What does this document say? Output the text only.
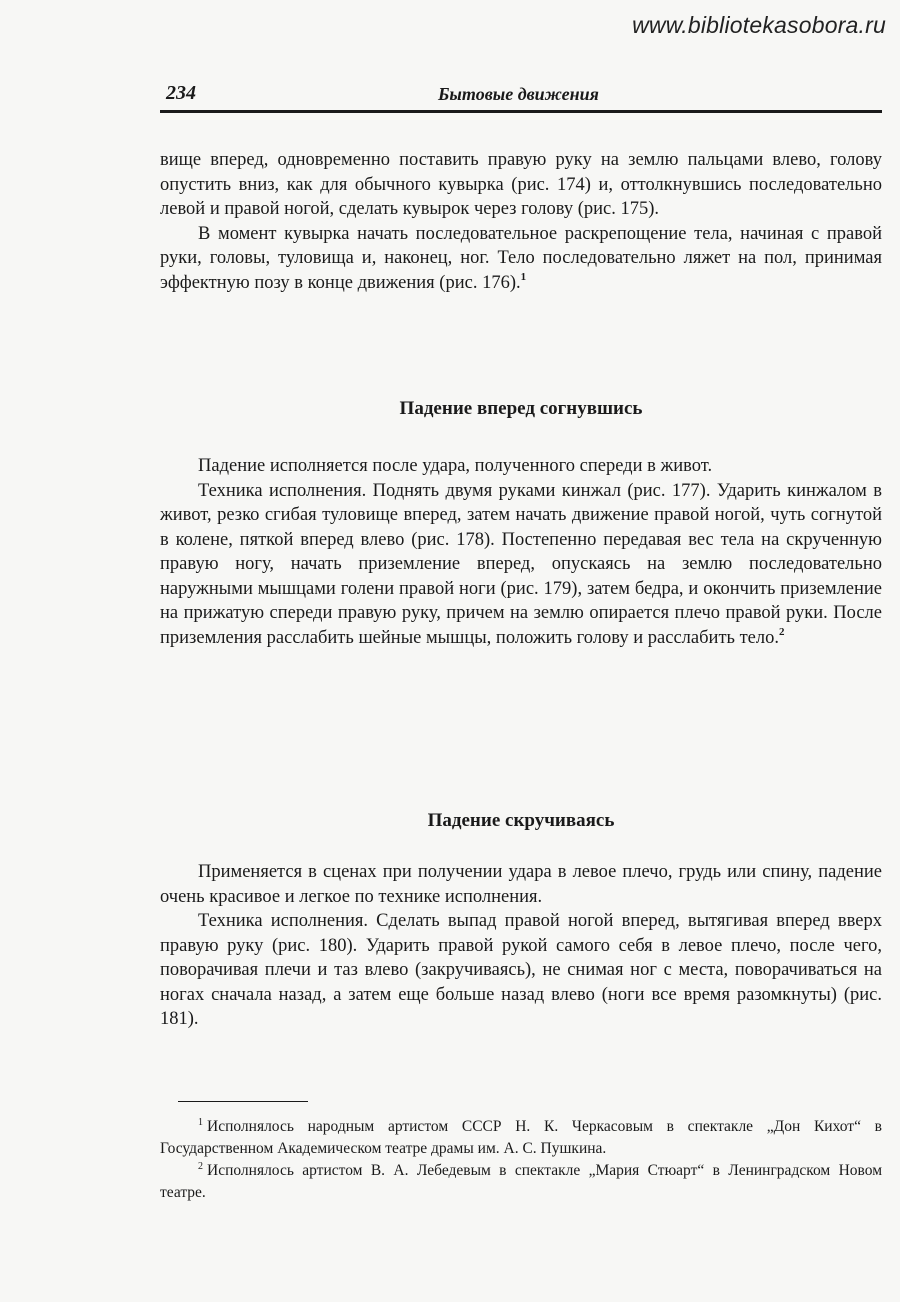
www.bibliotekasobora.ru
234	Бытовые движения

вище вперед, одновременно поставить правую руку на землю пальцами влево, голову опустить вниз, как для обычного кувырка (рис. 174) и, оттолкнувшись последовательно левой и правой ногой, сделать кувырок через голову (рис. 175).

В момент кувырка начать последовательное раскрепощение тела, начиная с правой руки, головы, туловища и, наконец, ног. Тело последовательно ляжет на пол, принимая эффектную позу в конце движения (рис. 176).$^1$

Падение вперед согнувшись

Падение исполняется после удара, полученного спереди в живот.

Техника исполнения. Поднять двумя руками кинжал (рис. 177). Ударить кинжалом в живот, резко сгибая туловище вперед, затем начать движение правой ногой, чуть согнутой в колене, пяткой вперед влево (рис. 178). Постепенно передавая вес тела на скрученную правую ногу, начать приземление вперед, опускаясь на землю последовательно наружными мышцами голени правой ноги (рис. 179), затем бедра, и окончить приземление на прижатую спереди правую руку, причем на землю опирается плечо правой руки. После приземления расслабить шейные мышцы, положить голову и расслабить тело.$^2$

Падение скручиваясь

Применяется в сценах при получении удара в левое плечо, грудь или спину, падение очень красивое и легкое по технике исполнения.

Техника исполнения. Сделать выпад правой ногой вперед, вытягивая вперед вверх правую руку (рис. 180). Ударить правой рукой самого себя в левое плечо, после чего, поворачивая плечи и таз влево (закручиваясь), не снимая ног с места, поворачиваться на ногах сначала назад, а затем еще больше назад влево (ноги все время разомкнуты) (рис. 181).

$^1$ Исполнялось народным артистом СССР Н. К. Черкасовым в спектакле „Дон Кихот“ в Государственном Академическом театре драмы им. А. С. Пушкина.

$^2$ Исполнялось артистом В. А. Лебедевым в спектакле „Мария Стюарт“ в Ленинградском Новом театре.
